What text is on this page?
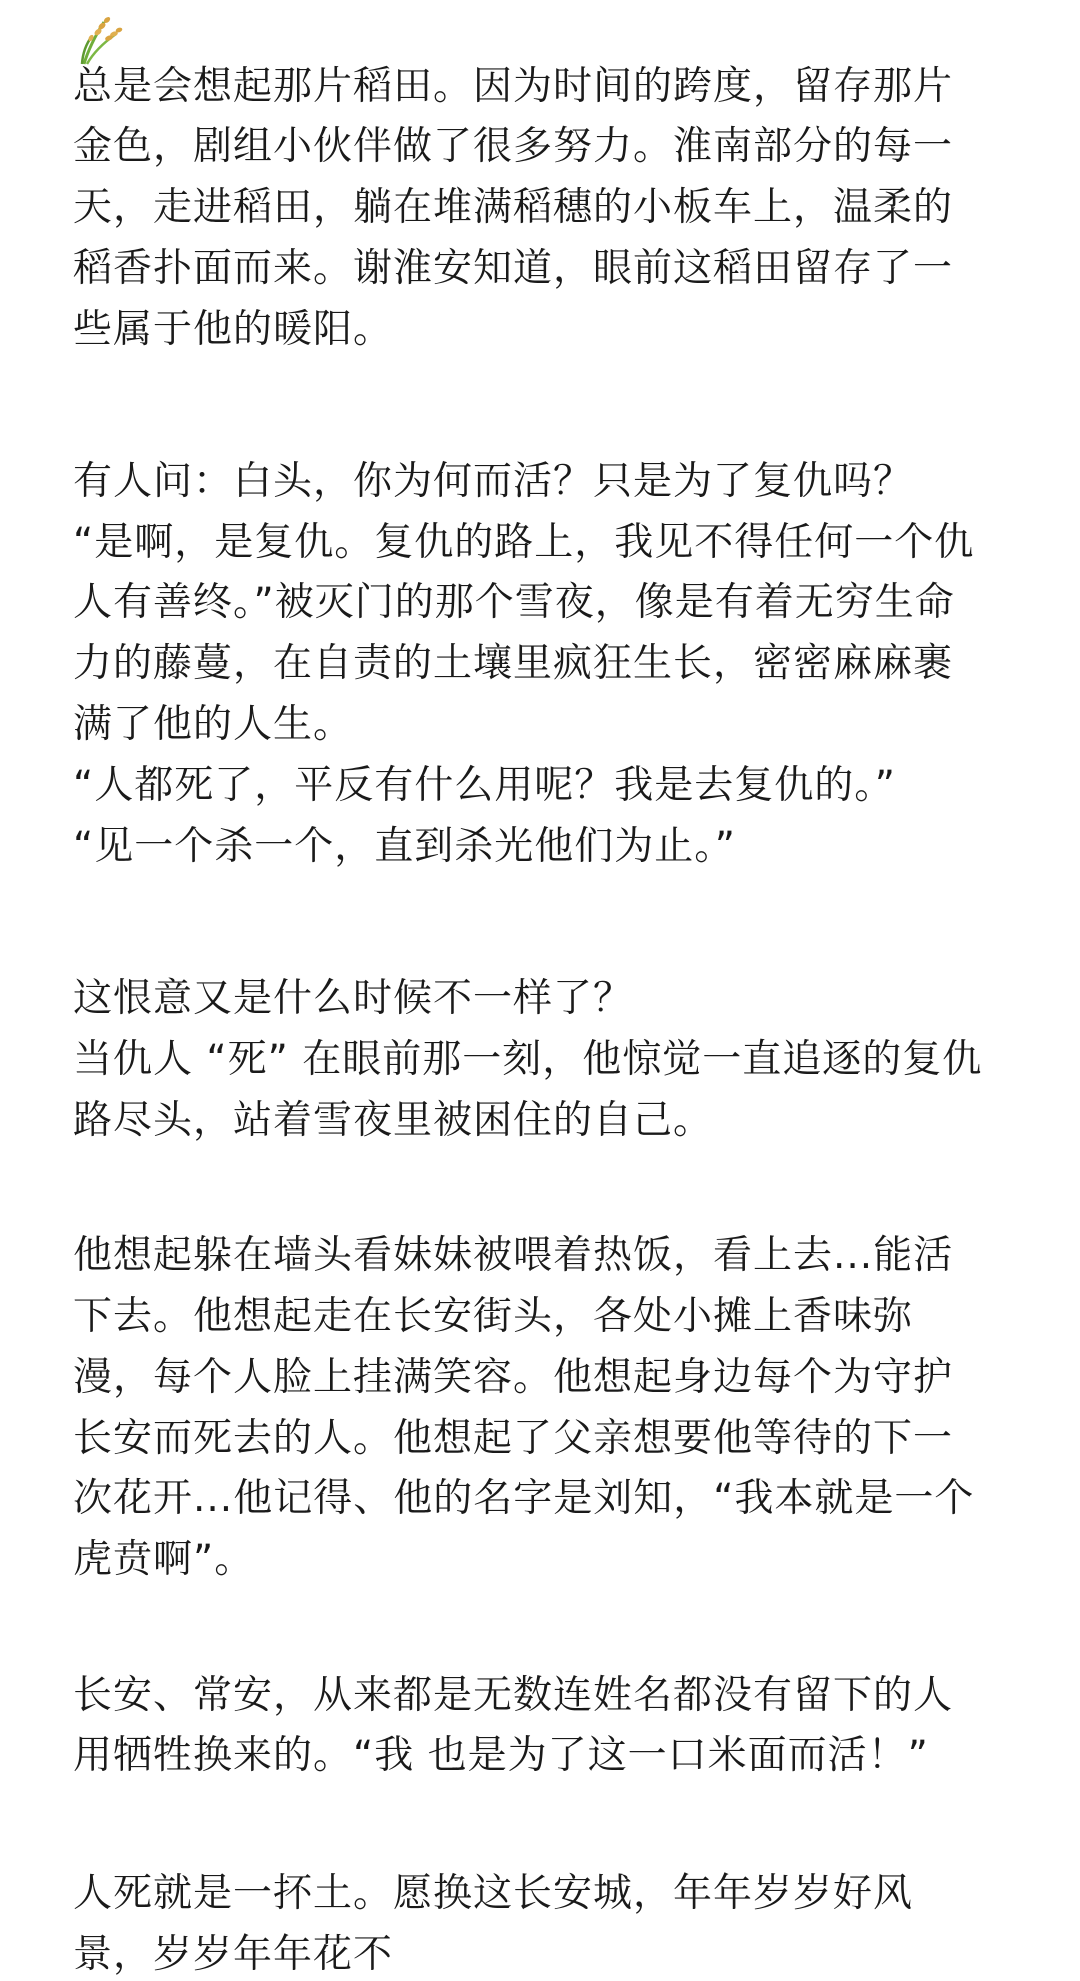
总是会想起那片稻田。因为时间的跨度，留存那片
金色，剧组小伙伴做了很多努力。淮南部分的每一
天，走进稻田，躺在堆满稻穗的小板车上，温柔的
稻香扑面而来。谢淮安知道，眼前这稻田留存了一
些属于他的暖阳。
有人问：白头，你为何而活？只是为了复仇吗？
“是啊，是复仇。复仇的路上，我见不得任何一个仇
人有善终。”被灭门的那个雪夜，像是有着无穷生命
力的藤蔓，在自责的土壤里疯狂生长，密密麻麻裹
满了他的人生。
“人都死了，平反有什么用呢？我是去复仇的。”
“见一个杀一个，直到杀光他们为止。”
这恨意又是什么时候不一样了？
当仇人 “死” 在眼前那一刻，他惊觉一直追逐的复仇
路尽头，站着雪夜里被困住的自己。
他想起躲在墙头看妹妹被喂着热饭，看上去...能活
下去。他想起走在长安街头，各处小摊上香味弥
漫，每个人脸上挂满笑容。他想起身边每个为守护
长安而死去的人。他想起了父亲想要他等待的下一
次花开...他记得、他的名字是刘知，“我本就是一个
虎贲啊”。
长安、常安，从来都是无数连姓名都没有留下的人
用牺牲换来的。“我 也是为了这一口米面而活！”
人死就是一抔土。愿换这长安城，年年岁岁好风
景，岁岁年年花不
